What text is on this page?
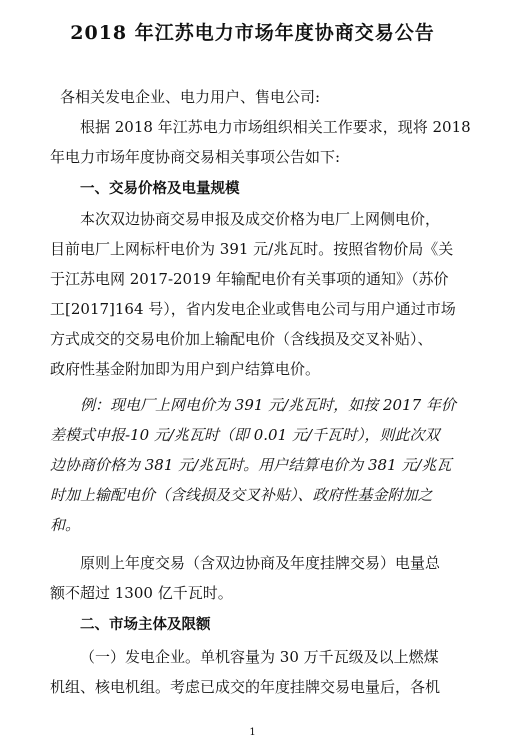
2018 年江苏电力市场年度协商交易公告
各相关发电企业、电力用户、售电公司:
根据 2018 年江苏电力市场组织相关工作要求，现将 2018
年电力市场年度协商交易相关事项公告如下:
一、交易价格及电量规模
本次双边协商交易申报及成交价格为电厂上网侧电价，
目前电厂上网标杆电价为 391 元/兆瓦时。按照省物价局《关
于江苏电网 2017-2019 年输配电价有关事项的通知》（苏价
工[2017]164 号），省内发电企业或售电公司与用户通过市场
方式成交的交易电价加上输配电价（含线损及交叉补贴）、
政府性基金附加即为用户到户结算电价。
例：现电厂上网电价为 391 元/兆瓦时，如按 2017 年价
差模式申报-10 元/兆瓦时（即 0.01 元/千瓦时），则此次双
边协商价格为 381 元/兆瓦时。用户结算电价为 381 元/兆瓦
时加上输配电价（含线损及交叉补贴）、政府性基金附加之
和。
原则上年度交易（含双边协商及年度挂牌交易）电量总
额不超过 1300 亿千瓦时。
二、市场主体及限额
（一）发电企业。单机容量为 30 万千瓦级及以上燃煤
机组、核电机组。考虑已成交的年度挂牌交易电量后，各机
1
